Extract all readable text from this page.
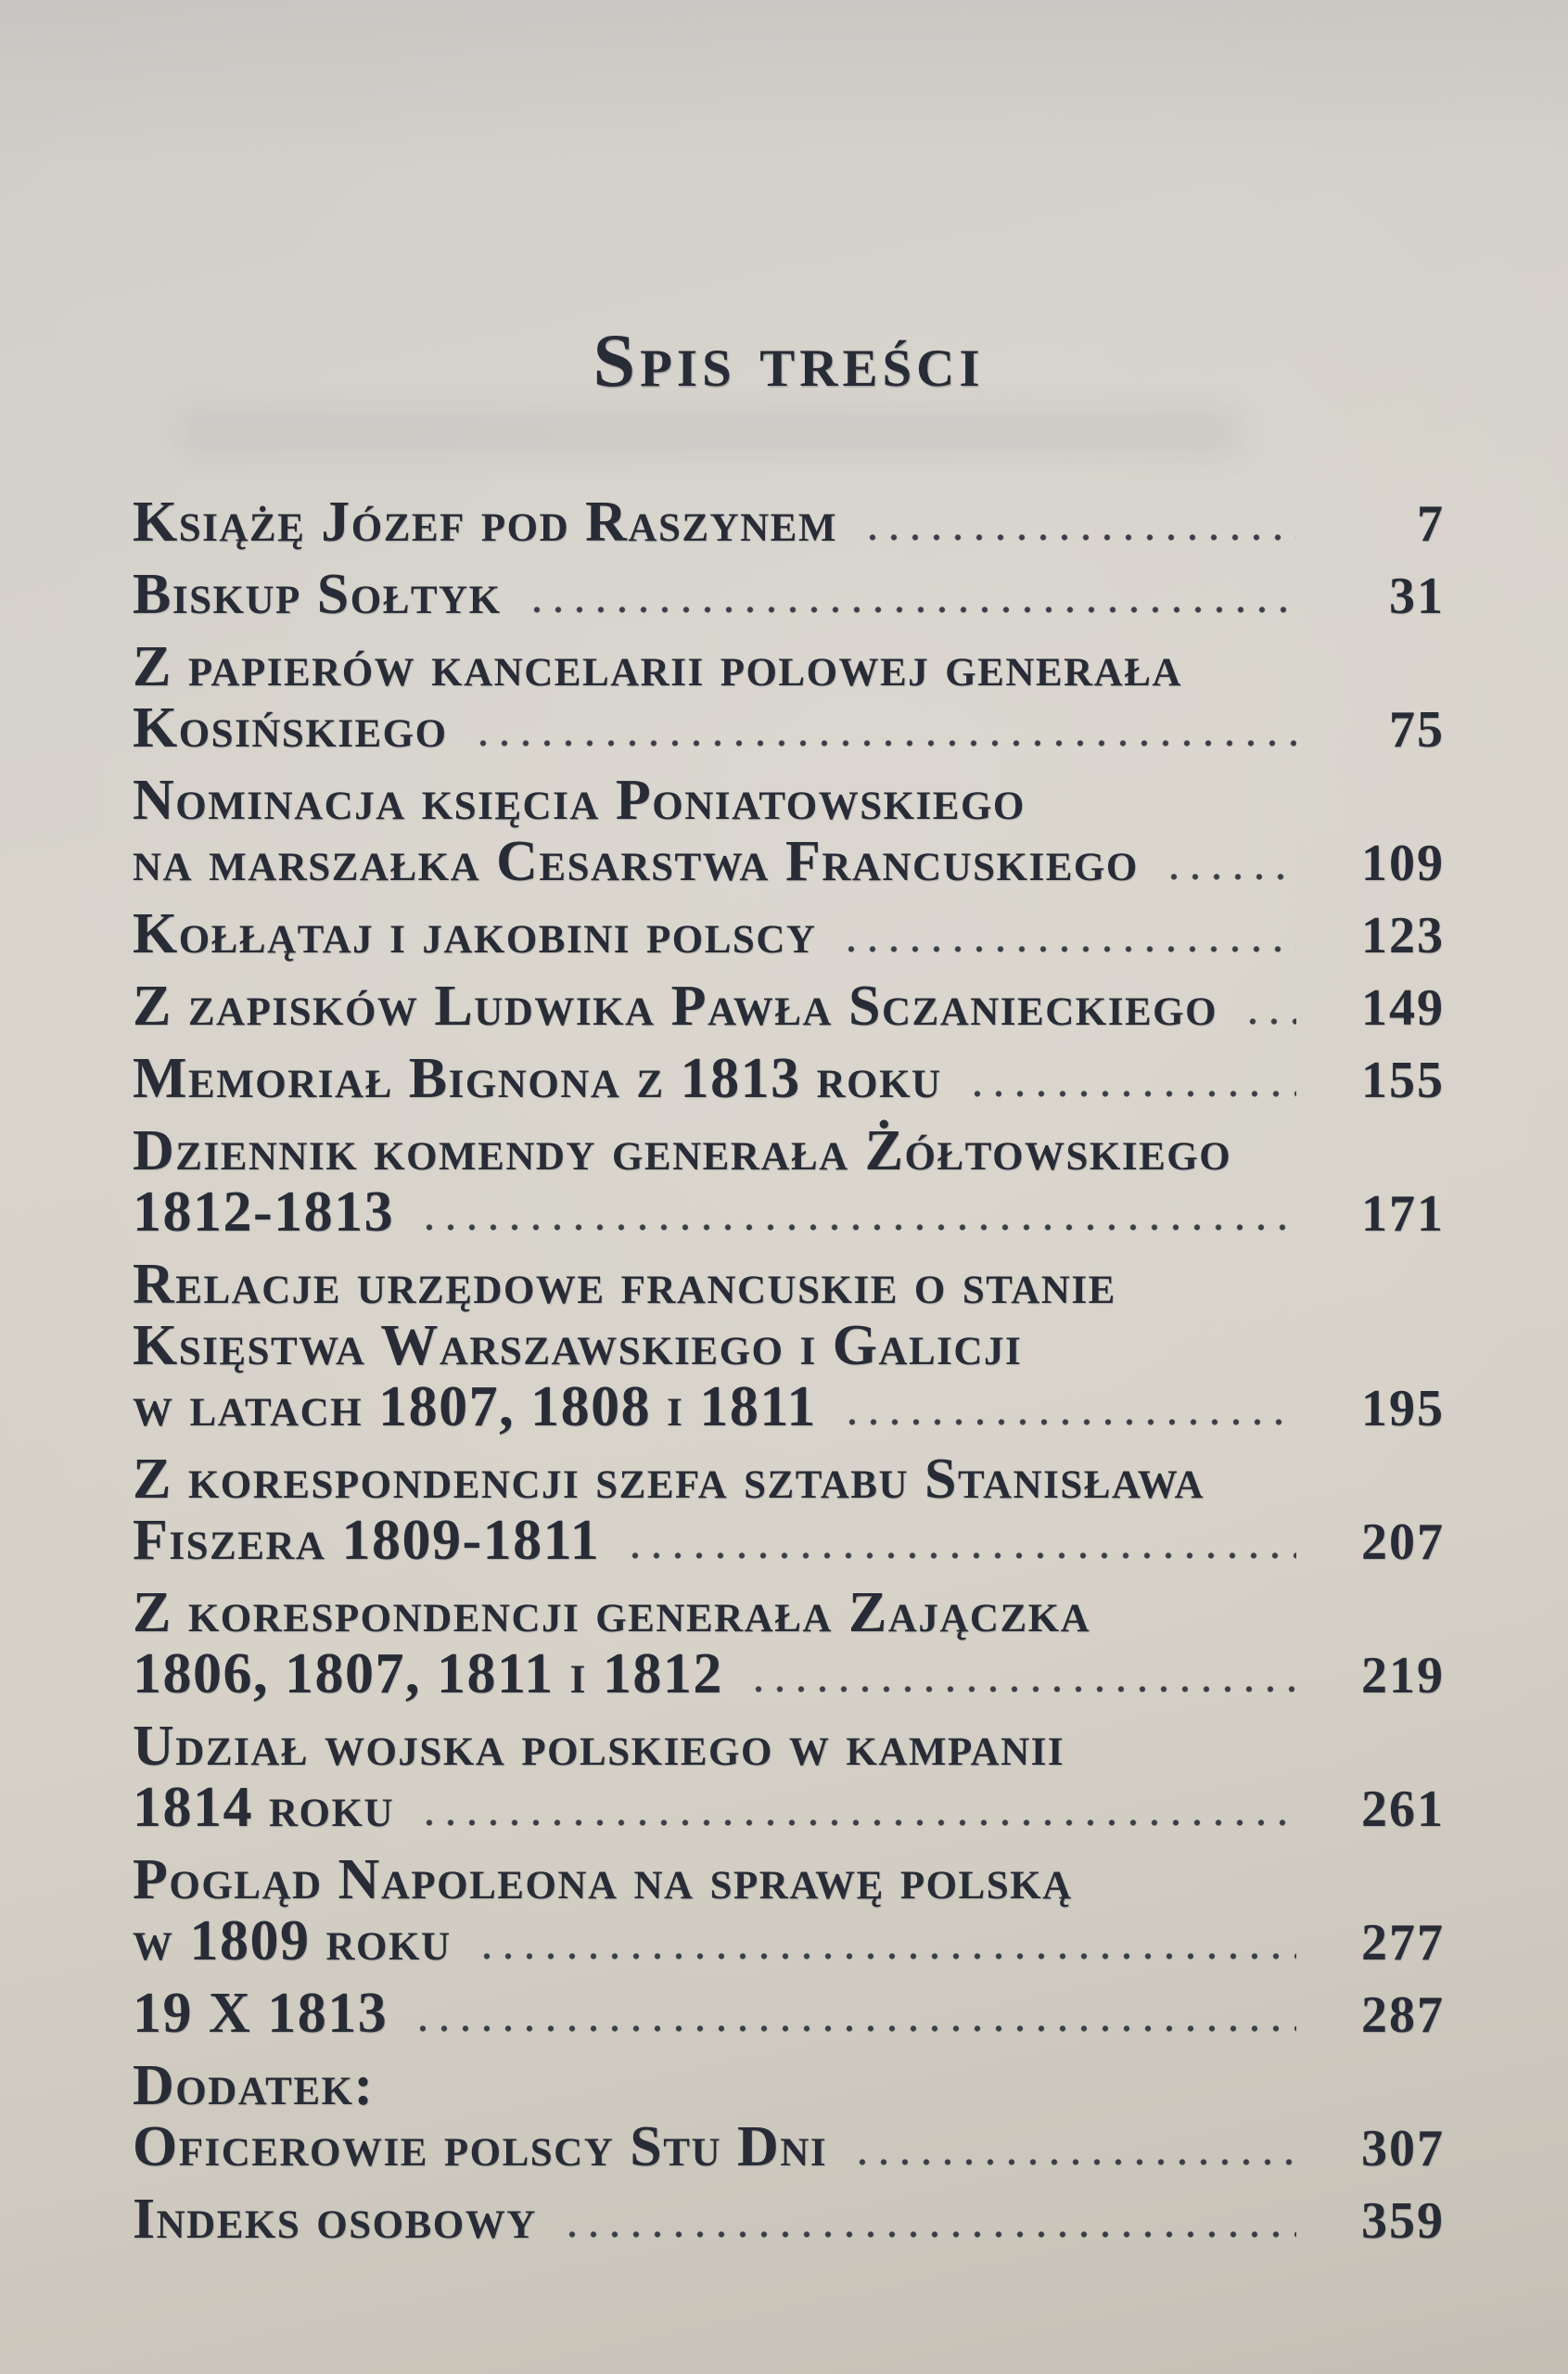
Spis treści
Książę Józef pod Raszynem	7
Biskup Sołtyk	31
Z papierów kancelarii polowej generała
Kosińskiego	75
Nominacja księcia Poniatowskiego
na marszałka Cesarstwa Francuskiego	109
Kołłątaj i jakobini polscy	123
Z zapisków Ludwika Pawła Sczanieckiego	149
Memoriał Bignona z 1813 roku	155
Dziennik komendy generała Żółtowskiego
1812-1813	171
Relacje urzędowe francuskie o stanie
Księstwa Warszawskiego i Galicji
w latach 1807, 1808 i 1811	195
Z korespondencji szefa sztabu Stanisława
Fiszera 1809-1811	207
Z korespondencji generała Zajączka
1806, 1807, 1811 i 1812	219
Udział wojska polskiego w kampanii
1814 roku	261
Pogląd Napoleona na sprawę polską
w 1809 roku	277
19 X 1813	287
Dodatek:
Oficerowie polscy Stu Dni	307
Indeks osobowy	359
